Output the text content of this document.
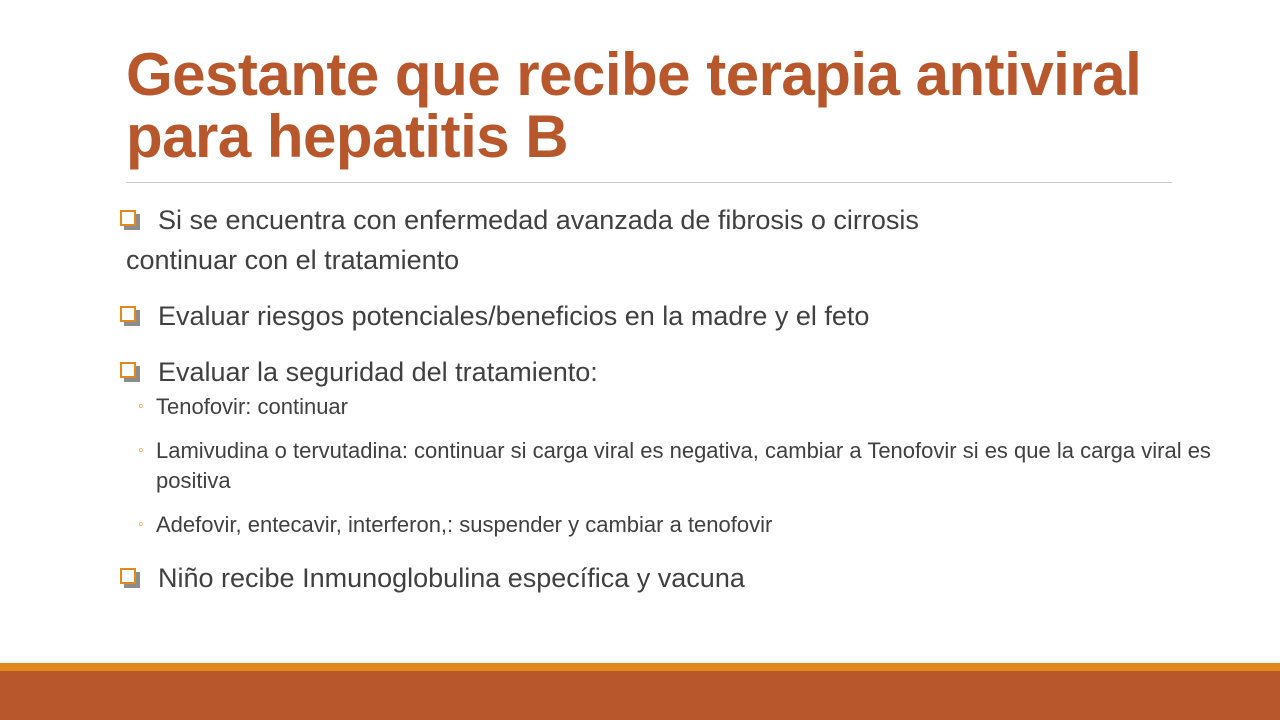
Gestante que recibe terapia antiviral para hepatitis B
Si se encuentra con enfermedad avanzada de fibrosis o cirrosis
continuar con el tratamiento
Evaluar riesgos potenciales/beneficios en la madre y el feto
Evaluar la seguridad del tratamiento:
◦ Tenofovir: continuar
◦ Lamivudina o tervutadina: continuar si carga viral es negativa, cambiar a Tenofovir si es que la carga viral es positiva
◦ Adefovir, entecavir, interferon,: suspender y cambiar a tenofovir
Niño recibe Inmunoglobulina específica y vacuna
